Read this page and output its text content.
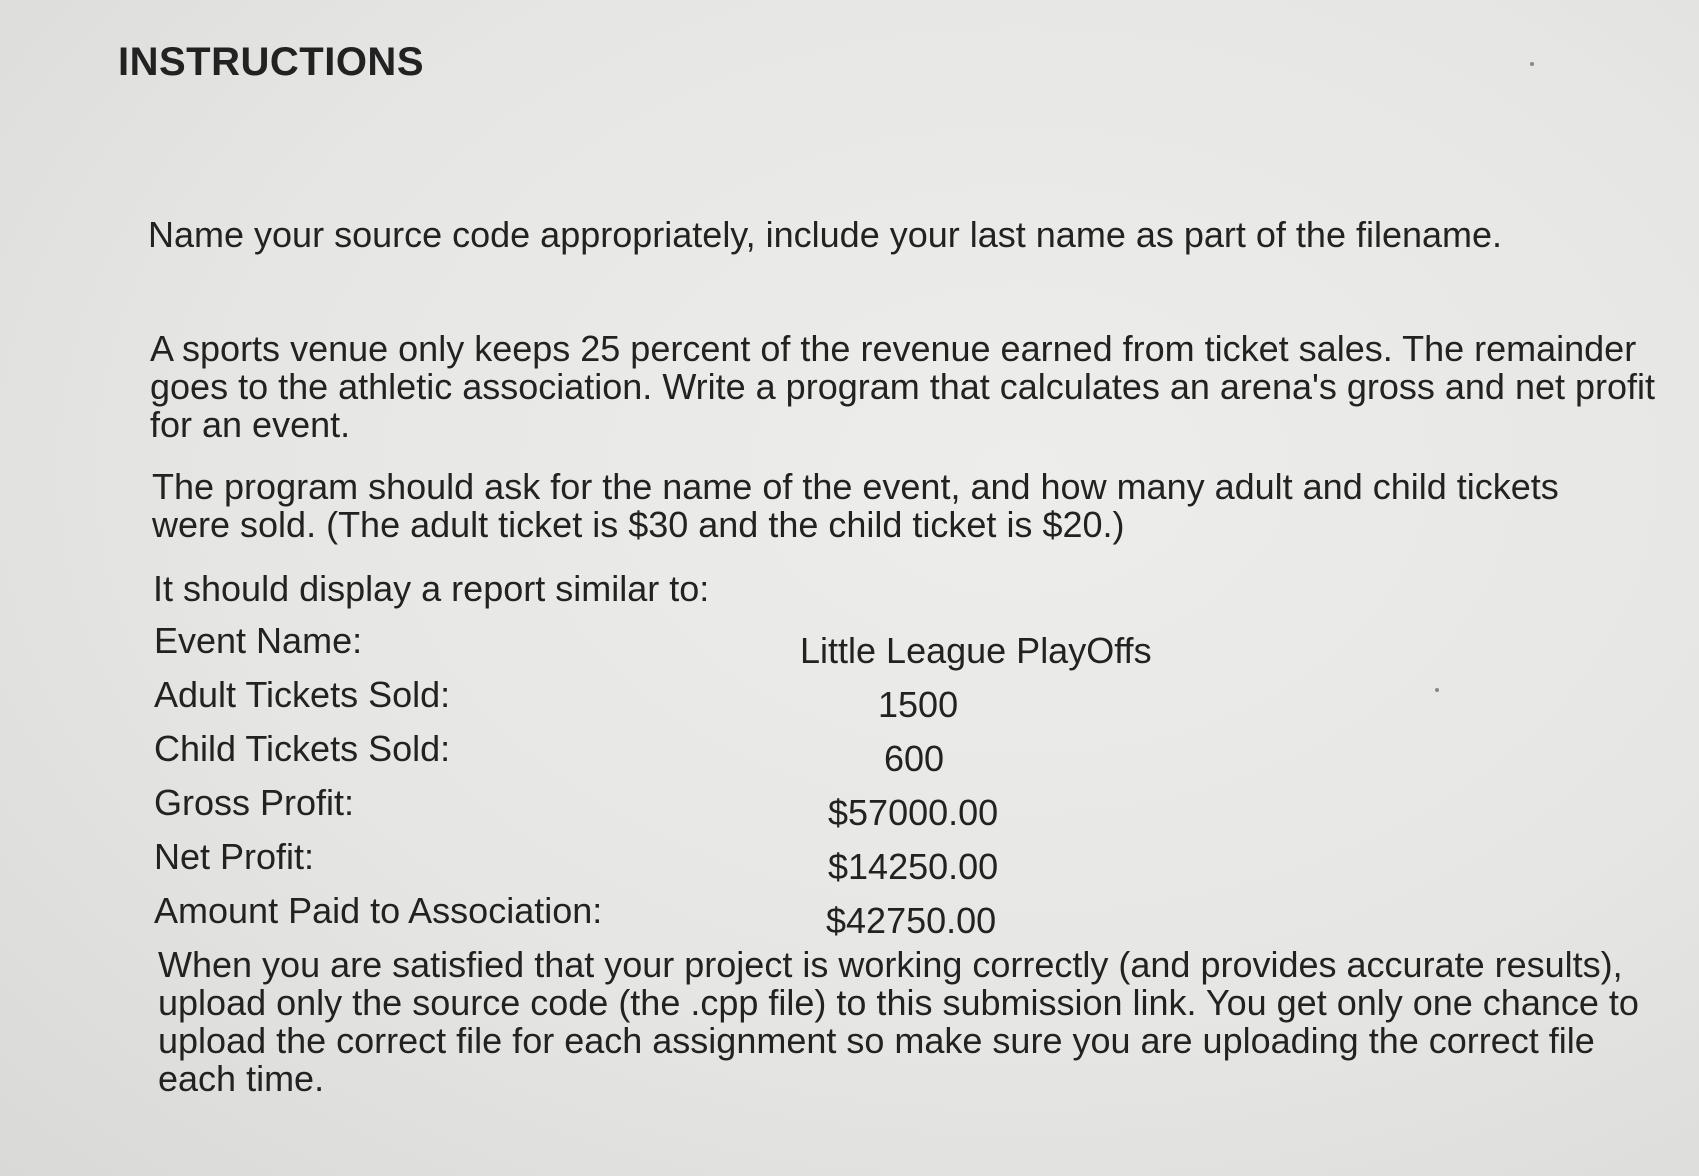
INSTRUCTIONS
Name your source code appropriately, include your last name as part of the filename.
A sports venue only keeps 25 percent of the revenue earned from ticket sales. The remainder goes to the athletic association. Write a program that calculates an arena's gross and net profit for an event.
The program should ask for the name of the event, and how many adult and child tickets were sold. (The adult ticket is $30 and the child ticket is $20.)
It should display a report similar to:
Event Name:	Little League PlayOffs
Adult Tickets Sold:	1500
Child Tickets Sold:	600
Gross Profit:	$57000.00
Net Profit:	$14250.00
Amount Paid to Association:	$42750.00
When you are satisfied that your project is working correctly (and provides accurate results), upload only the source code (the .cpp file) to this submission link. You get only one chance to upload the correct file for each assignment so make sure you are uploading the correct file each time.
